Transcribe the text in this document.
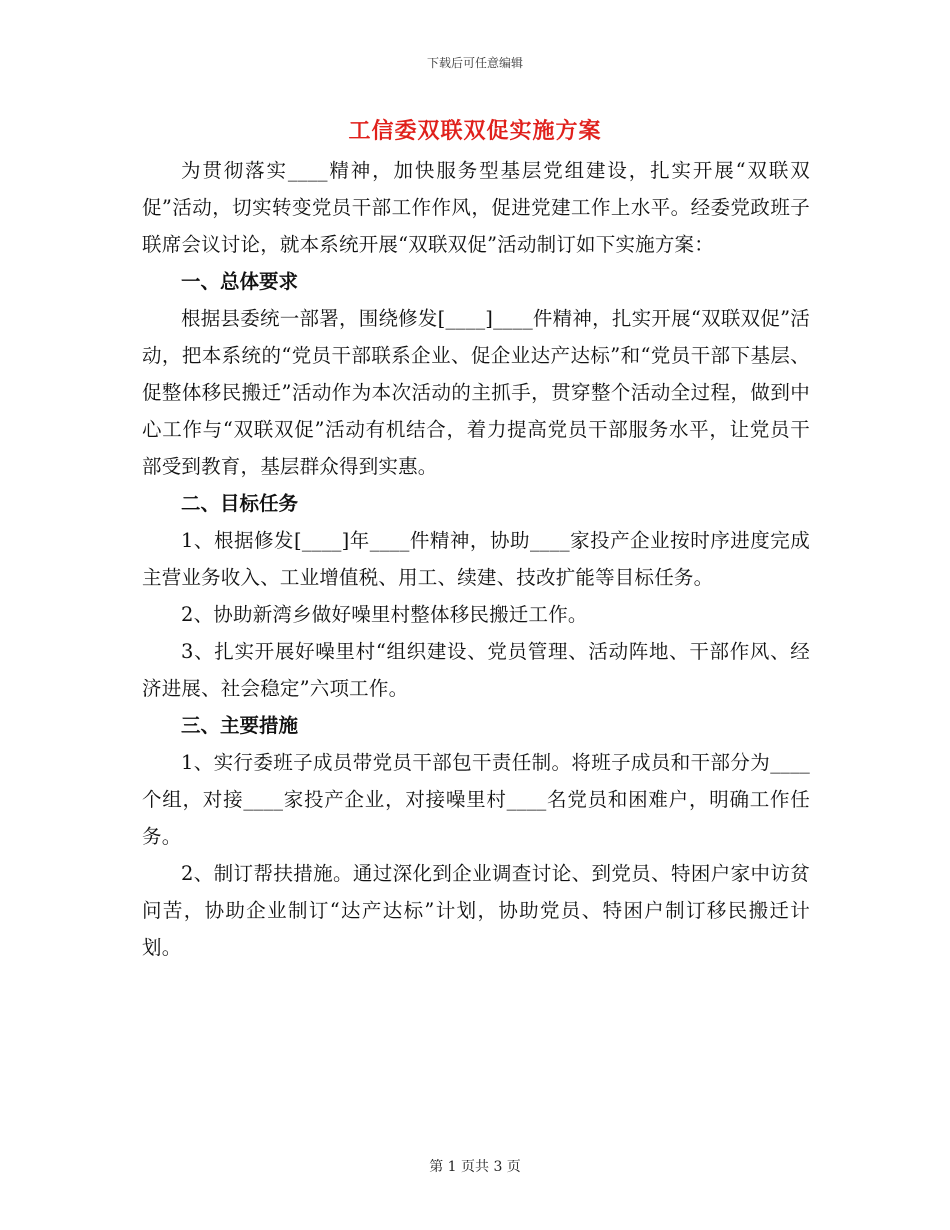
下载后可任意编辑
工信委双联双促实施方案

为贯彻落实____精神，加快服务型基层党组建设，扎实开展“双联双促”活动，切实转变党员干部工作作风，促进党建工作上水平。经委党政班子联席会议讨论，就本系统开展“双联双促”活动制订如下实施方案：

一、总体要求

根据县委统一部署，围绕修发[____]____件精神，扎实开展“双联双促”活动，把本系统的“党员干部联系企业、促企业达产达标”和“党员干部下基层、促整体移民搬迁”活动作为本次活动的主抓手，贯穿整个活动全过程，做到中心工作与“双联双促”活动有机结合，着力提高党员干部服务水平，让党员干部受到教育，基层群众得到实惠。

二、目标任务

1、根据修发[____]年____件精神，协助____家投产企业按时序进度完成主营业务收入、工业增值税、用工、续建、技改扩能等目标任务。

2、协助新湾乡做好噪里村整体移民搬迁工作。

3、扎实开展好噪里村“组织建设、党员管理、活动阵地、干部作风、经济进展、社会稳定”六项工作。

三、主要措施

1、实行委班子成员带党员干部包干责任制。将班子成员和干部分为____个组，对接____家投产企业，对接噪里村____名党员和困难户，明确工作任务。

2、制订帮扶措施。通过深化到企业调查讨论、到党员、特困户家中访贫问苦，协助企业制订“达产达标”计划，协助党员、特困户制订移民搬迁计划。

第 1 页共 3 页
